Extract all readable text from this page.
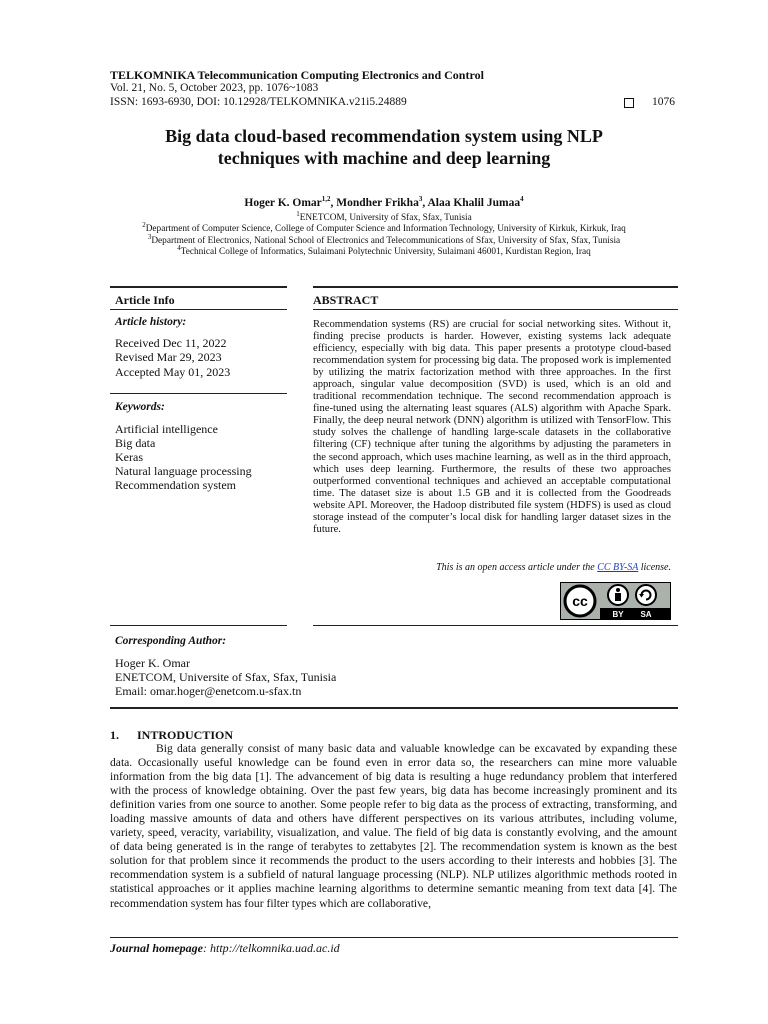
TELKOMNIKA Telecommunication Computing Electronics and Control
Vol. 21, No. 5, October 2023, pp. 1076~1083
ISSN: 1693-6930, DOI: 10.12928/TELKOMNIKA.v21i5.24889	1076
Big data cloud-based recommendation system using NLP
techniques with machine and deep learning
Hoger K. Omar$^{1,2}$, Mondher Frikha$^3$, Alaa Khalil Jumaa$^4$
$^1$ENETCOM, University of Sfax, Sfax, Tunisia
$^2$Department of Computer Science, College of Computer Science and Information Technology, University of Kirkuk, Kirkuk, Iraq
$^3$Department of Electronics, National School of Electronics and Telecommunications of Sfax, University of Sfax, Sfax, Tunisia
$^4$Technical College of Informatics, Sulaimani Polytechnic University, Sulaimani 46001, Kurdistan Region, Iraq
Article Info
Article history:
Received Dec 11, 2022
Revised Mar 29, 2023
Accepted May 01, 2023
Keywords:
Artificial intelligence
Big data
Keras
Natural language processing
Recommendation system
ABSTRACT
Recommendation systems (RS) are crucial for social networking sites. Without it, finding precise products is harder. However, existing systems lack adequate efficiency, especially with big data. This paper presents a prototype cloud-based recommendation system for processing big data. The proposed work is implemented by utilizing the matrix factorization method with three approaches. In the first approach, singular value decomposition (SVD) is used, which is an old and traditional recommendation technique. The second recommendation approach is fine-tuned using the alternating least squares (ALS) algorithm with Apache Spark. Finally, the deep neural network (DNN) algorithm is utilized with TensorFlow. This study solves the challenge of handling large-scale datasets in the collaborative filtering (CF) technique after tuning the algorithms by adjusting the parameters in the second approach, which uses machine learning, as well as in the third approach, which uses deep learning. Furthermore, the results of these two approaches outperformed conventional techniques and achieved an acceptable computational time. The dataset size is about 1.5 GB and it is collected from the Goodreads website API. Moreover, the Hadoop distributed file system (HDFS) is used as cloud storage instead of the computer’s local disk for handling larger dataset sizes in the future.
This is an open access article under the CC BY-SA license.
cc
BY SA
Corresponding Author:
Hoger K. Omar
ENETCOM, Universite of Sfax, Sfax, Tunisia
Email: omar.hoger@enetcom.u-sfax.tn
1. INTRODUCTION

Big data generally consist of many basic data and valuable knowledge can be excavated by expanding these data. Occasionally useful knowledge can be found even in error data so, the researchers can mine more valuable information from the big data [1]. The advancement of big data is resulting a huge redundancy problem that interfered with the process of knowledge obtaining. Over the past few years, big data has become increasingly prominent and its definition varies from one source to another. Some people refer to big data as the process of extracting, transforming, and loading massive amounts of data and others have different perspectives on its various attributes, including volume, variety, speed, veracity, variability, visualization, and value. The field of big data is constantly evolving, and the amount of data being generated is in the range of terabytes to zettabytes [2]. The recommendation system is known as the best solution for that problem since it recommends the product to the users according to their interests and hobbies [3]. The recommendation system is a subfield of natural language processing (NLP). NLP utilizes algorithmic methods rooted in statistical approaches or it applies machine learning algorithms to determine semantic meaning from text data [4]. The recommendation system has four filter types which are collaborative,

Journal homepage: http://telkomnika.uad.ac.id
